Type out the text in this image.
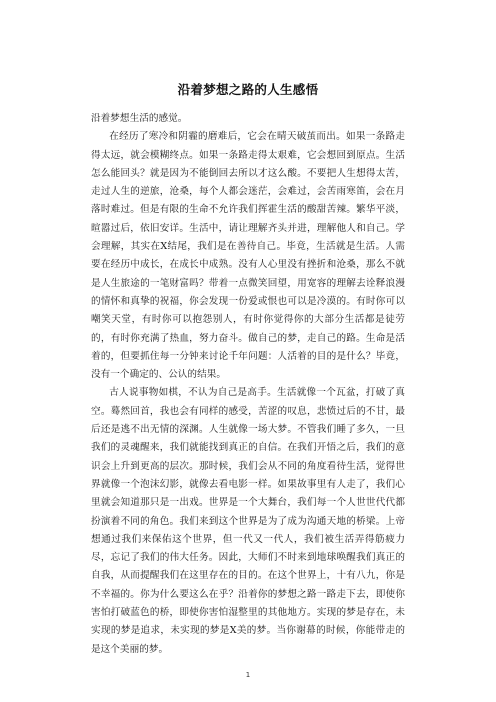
沿着梦想之路的人生感悟

沿着梦想生活的感觉。

在经历了寒冷和阴霾的磨难后，它会在晴天破茧而出。如果一条路走得太远，就会模糊终点。如果一条路走得太艰难，它会想回到原点。生活怎么能回头？就是因为不能倒回去所以才这么酸。不要把人生想得太苦，走过人生的逆旅，沧桑，每个人都会迷茫，会难过，会苦雨寒笛，会在月落时难过。但是有限的生命不允许我们挥霍生活的酸甜苦辣。繁华平淡，暄嚣过后，依旧安详。生活中，请让理解齐头并进，理解他人和自己。学会理解，其实在X结尾，我们是在善待自己。毕竟，生活就是生活。人需要在经历中成长，在成长中成熟。没有人心里没有挫折和沧桑，那么不就是人生旅途的一笔财富吗？带着一点微笑回望，用宽容的理解去诠释浪漫的情怀和真挚的祝福，你会发现一份爱或恨也可以是冷漠的。有时你可以嘲笑天堂，有时你可以抱怨别人，有时你觉得你的大部分生活都是徒劳的，有时你充满了热血，努力奋斗。做自己的梦，走自己的路。生命是活着的，但要抓住每一分钟来讨论千年问题：人活着的目的是什么？毕竟，没有一个确定的、公认的结果。

古人说事物如棋，不认为自己是高手。生活就像一个瓦盆，打破了真空。蓦然回首，我也会有同样的感受，苦涩的叹息，悲愤过后的不甘，最后还是逃不出无情的深渊。人生就像一场大梦。不管我们睡了多久，一旦我们的灵魂醒来，我们就能找到真正的自信。在我们开悟之后，我们的意识会上升到更高的层次。那时候，我们会从不同的角度看待生活，觉得世界就像一个泡沫幻影，就像去看电影一样。如果故事里有人走了，我们心里就会知道那只是一出戏。世界是一个大舞台，我们每一个人世世代代都扮演着不同的角色。我们来到这个世界是为了成为沟通天地的桥梁。上帝想通过我们来保佑这个世界，但一代又一代人，我们被生活弄得筋疲力尽，忘记了我们的伟大任务。因此，大师们不时来到地球唤醒我们真正的自我，从而提醒我们在这里存在的目的。在这个世界上，十有八九，你是不幸福的。你为什么要这么在乎？沿着你的梦想之路一路走下去，即使你害怕打破蓝色的桥，即使你害怕湿整里的其他地方。实现的梦是存在，未实现的梦是追求，未实现的梦是X美的梦。当你谢幕的时候，你能带走的是这个美丽的梦。

1
